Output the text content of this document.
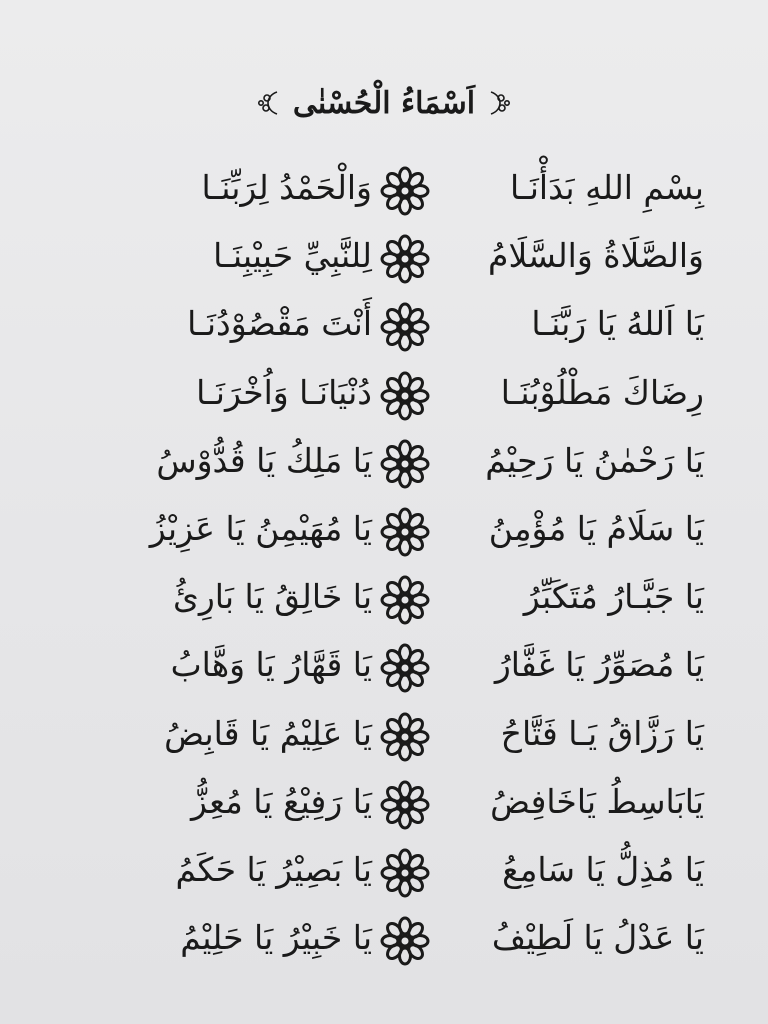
اَسْمَاءُ الْحُسْنٰى
بِسْمِ اللهِ بَدَأْنَـا
وَالْحَمْدُ لِرَبِّنَـا
وَالصَّلَاةُ وَالسَّلَامُ
لِلنَّبِيِّ حَبِيْبِنَـا
يَا اَللهُ يَا رَبَّنَـا
أَنْتَ مَقْصُوْدُنَـا
رِضَاكَ مَطْلُوْبُنَـا
دُنْيَانَـا وَاُخْرَنَـا
يَا رَحْمٰنُ يَا رَحِيْمُ
يَا مَلِكُ يَا قُدُّوْسُ
يَا سَلَامُ يَا مُؤْمِنُ
يَا مُهَيْمِنُ يَا عَزِيْزُ
يَا جَبَّـارُ مُتَكَبِّرُ
يَا خَالِقُ يَا بَارِئُ
يَا مُصَوِّرُ يَا غَفَّارُ
يَا قَهَّارُ يَا وَهَّابُ
يَا رَزَّاقُ يَـا فَتَّاحُ
يَا عَلِيْمُ يَا قَابِضُ
يَابَاسِطُ يَاخَافِضُ
يَا رَفِيْعُ يَا مُعِزُّ
يَا مُذِلُّ يَا سَامِعُ
يَا بَصِيْرُ يَا حَكَمُ
يَا عَدْلُ يَا لَطِيْفُ
يَا خَبِيْرُ يَا حَلِيْمُ
